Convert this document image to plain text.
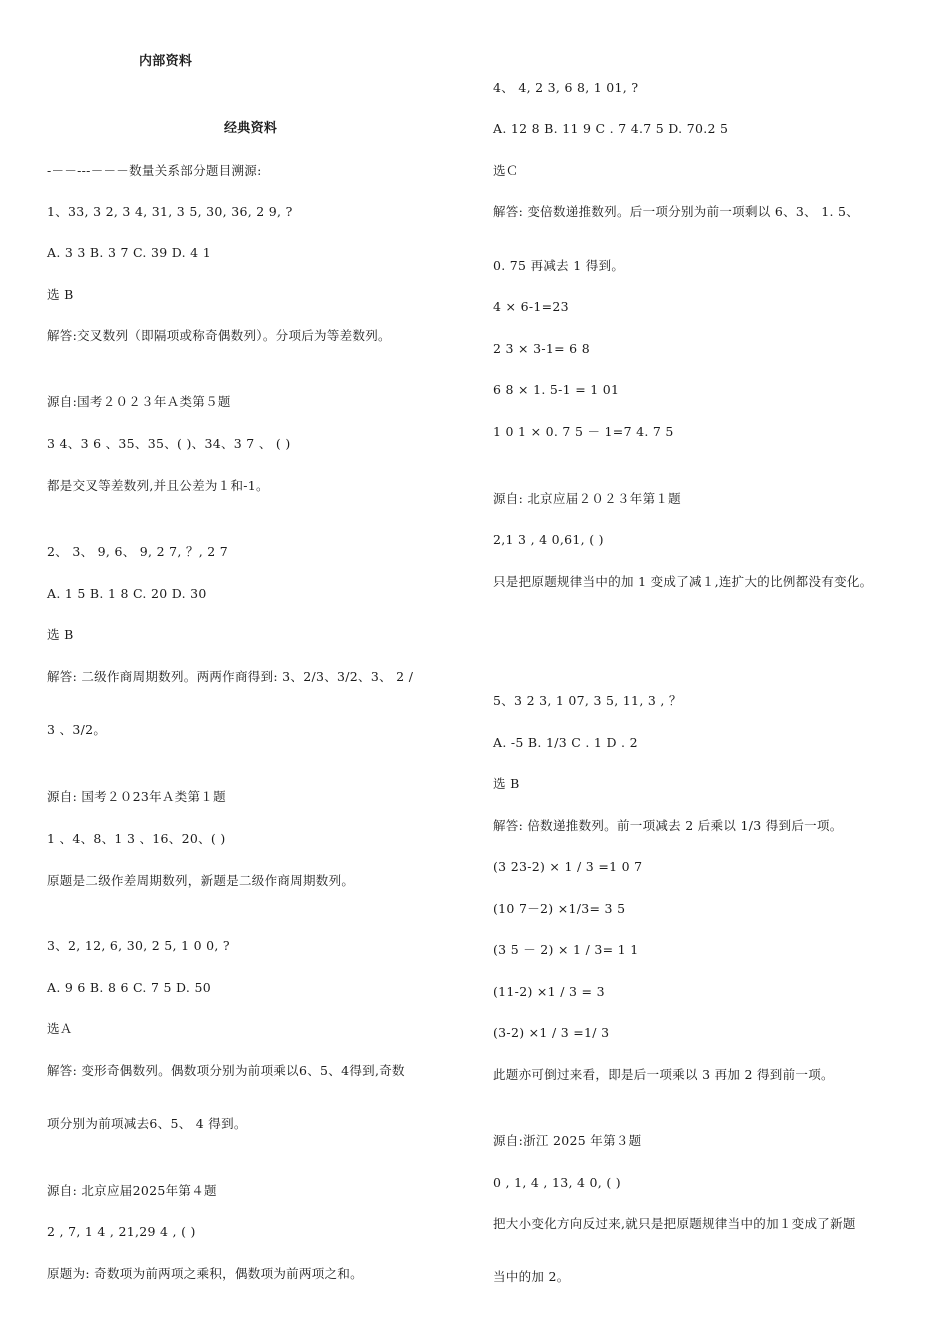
内部资料
经典资料
-－－---－－－数量关系部分题目溯源:
1、33, 3 2, 3 4, 31, 3 5, 30, 36, 2 9, ?
A. 3 3 B. 3 7 C. 39 D. 4 1
选 B
解答:交叉数列（即隔项或称奇偶数列）。分项后为等差数列。
源自:国考２０２３年Ａ类第５题
3 4、3 6 、35、35、( )、34、3 7 、 ( )
都是交叉等差数列,并且公差为１和-1。
2、 3、 9, 6、 9, 2 7, ？, 2 7
A. 1 5 B. 1 8 C. 20 D. 30
选 B
解答: 二级作商周期数列。两两作商得到: 3、2/3、3/2、3、 2 /
3 、3/2。
源自: 国考２０23年Ａ类第１题
1 、4、8、1 3 、16、20、( )
原题是二级作差周期数列，新题是二级作商周期数列。
3、2, 12, 6, 30, 2 5, 1 0 0, ?
A. 9 6 B. 8 6 C. 7 5 D. 50
选Ａ
解答: 变形奇偶数列。偶数项分别为前项乘以6、5、4得到,奇数
项分别为前项减去6、5、 4 得到。
源自: 北京应届2025年第４题
2 , 7, 1 4 , 21,29 4 , ( )
原题为: 奇数项为前两项之乘积，偶数项为前两项之和。
4、 4, 2 3, 6 8, 1 01, ?
A. 12 8 B. 11 9 C . 7 4.7 5 D. 70.2 5
选Ｃ
解答: 变倍数递推数列。后一项分别为前一项剩以 6、3、 1. 5、
0. 75 再减去 1 得到。
4 × 6-1=23
2 3 × 3-1= 6 8
6 8 × 1. 5-1 = 1 01
1 0 1 × 0. 7 5 － 1=7 4. 7 5
源自: 北京应届２０２３年第１题
2,1 3 , 4 0,61, ( )
只是把原题规律当中的加 1 变成了减１,连扩大的比例都没有变化。
5、3 2 3, 1 07, 3 5, 11, 3 , ？
A. -5 B. 1/3 C . 1 D . 2
选 B
解答: 倍数递推数列。前一项减去 2 后乘以 1/3 得到后一项。
(3 23-2) × 1 / 3 =1 0 7
(10 7－2) ×1/3= 3 5
(3 5 － 2) × 1 / 3= 1 1
(11-2) ×1 / 3 = 3
(3-2) ×1 / 3 =1/ 3
此题亦可倒过来看，即是后一项乘以 3 再加 2 得到前一项。
源自:浙江 2025 年第３题
0 , 1, 4 , 13, 4 0, ( )
把大小变化方向反过来,就只是把原题规律当中的加１变成了新题
当中的加 2。
